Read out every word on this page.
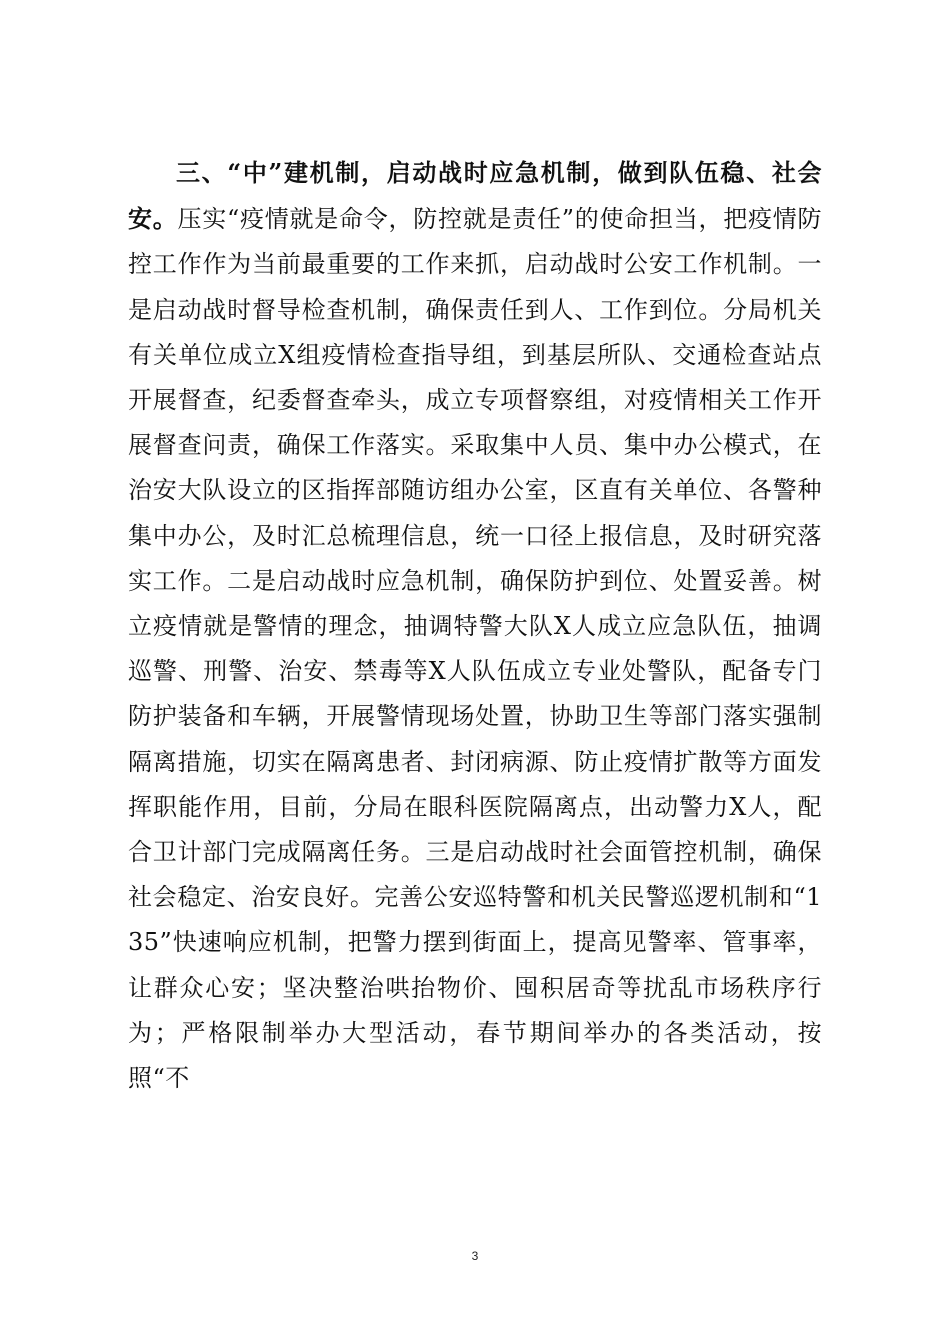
三、“中”建机制，启动战时应急机制，做到队伍稳、社会安。压实“疫情就是命令，防控就是责任”的使命担当，把疫情防控工作作为当前最重要的工作来抓，启动战时公安工作机制。一是启动战时督导检查机制，确保责任到人、工作到位。分局机关有关单位成立X组疫情检查指导组，到基层所队、交通检查站点开展督查，纪委督查牵头，成立专项督察组，对疫情相关工作开展督查问责，确保工作落实。采取集中人员、集中办公模式，在治安大队设立的区指挥部随访组办公室，区直有关单位、各警种集中办公，及时汇总梳理信息，统一口径上报信息，及时研究落实工作。二是启动战时应急机制，确保防护到位、处置妥善。树立疫情就是警情的理念，抽调特警大队X人成立应急队伍，抽调巡警、刑警、治安、禁毒等X人队伍成立专业处警队，配备专门防护装备和车辆，开展警情现场处置，协助卫生等部门落实强制隔离措施，切实在隔离患者、封闭病源、防止疫情扩散等方面发挥职能作用，目前，分局在眼科医院隔离点，出动警力X人，配合卫计部门完成隔离任务。三是启动战时社会面管控机制，确保社会稳定、治安良好。完善公安巡特警和机关民警巡逻机制和“135”快速响应机制，把警力摆到街面上，提高见警率、管事率，让群众心安；坚决整治哄抬物价、囤积居奇等扰乱市场秩序行为；严格限制举办大型活动，春节期间举办的各类活动，按照“不

3
